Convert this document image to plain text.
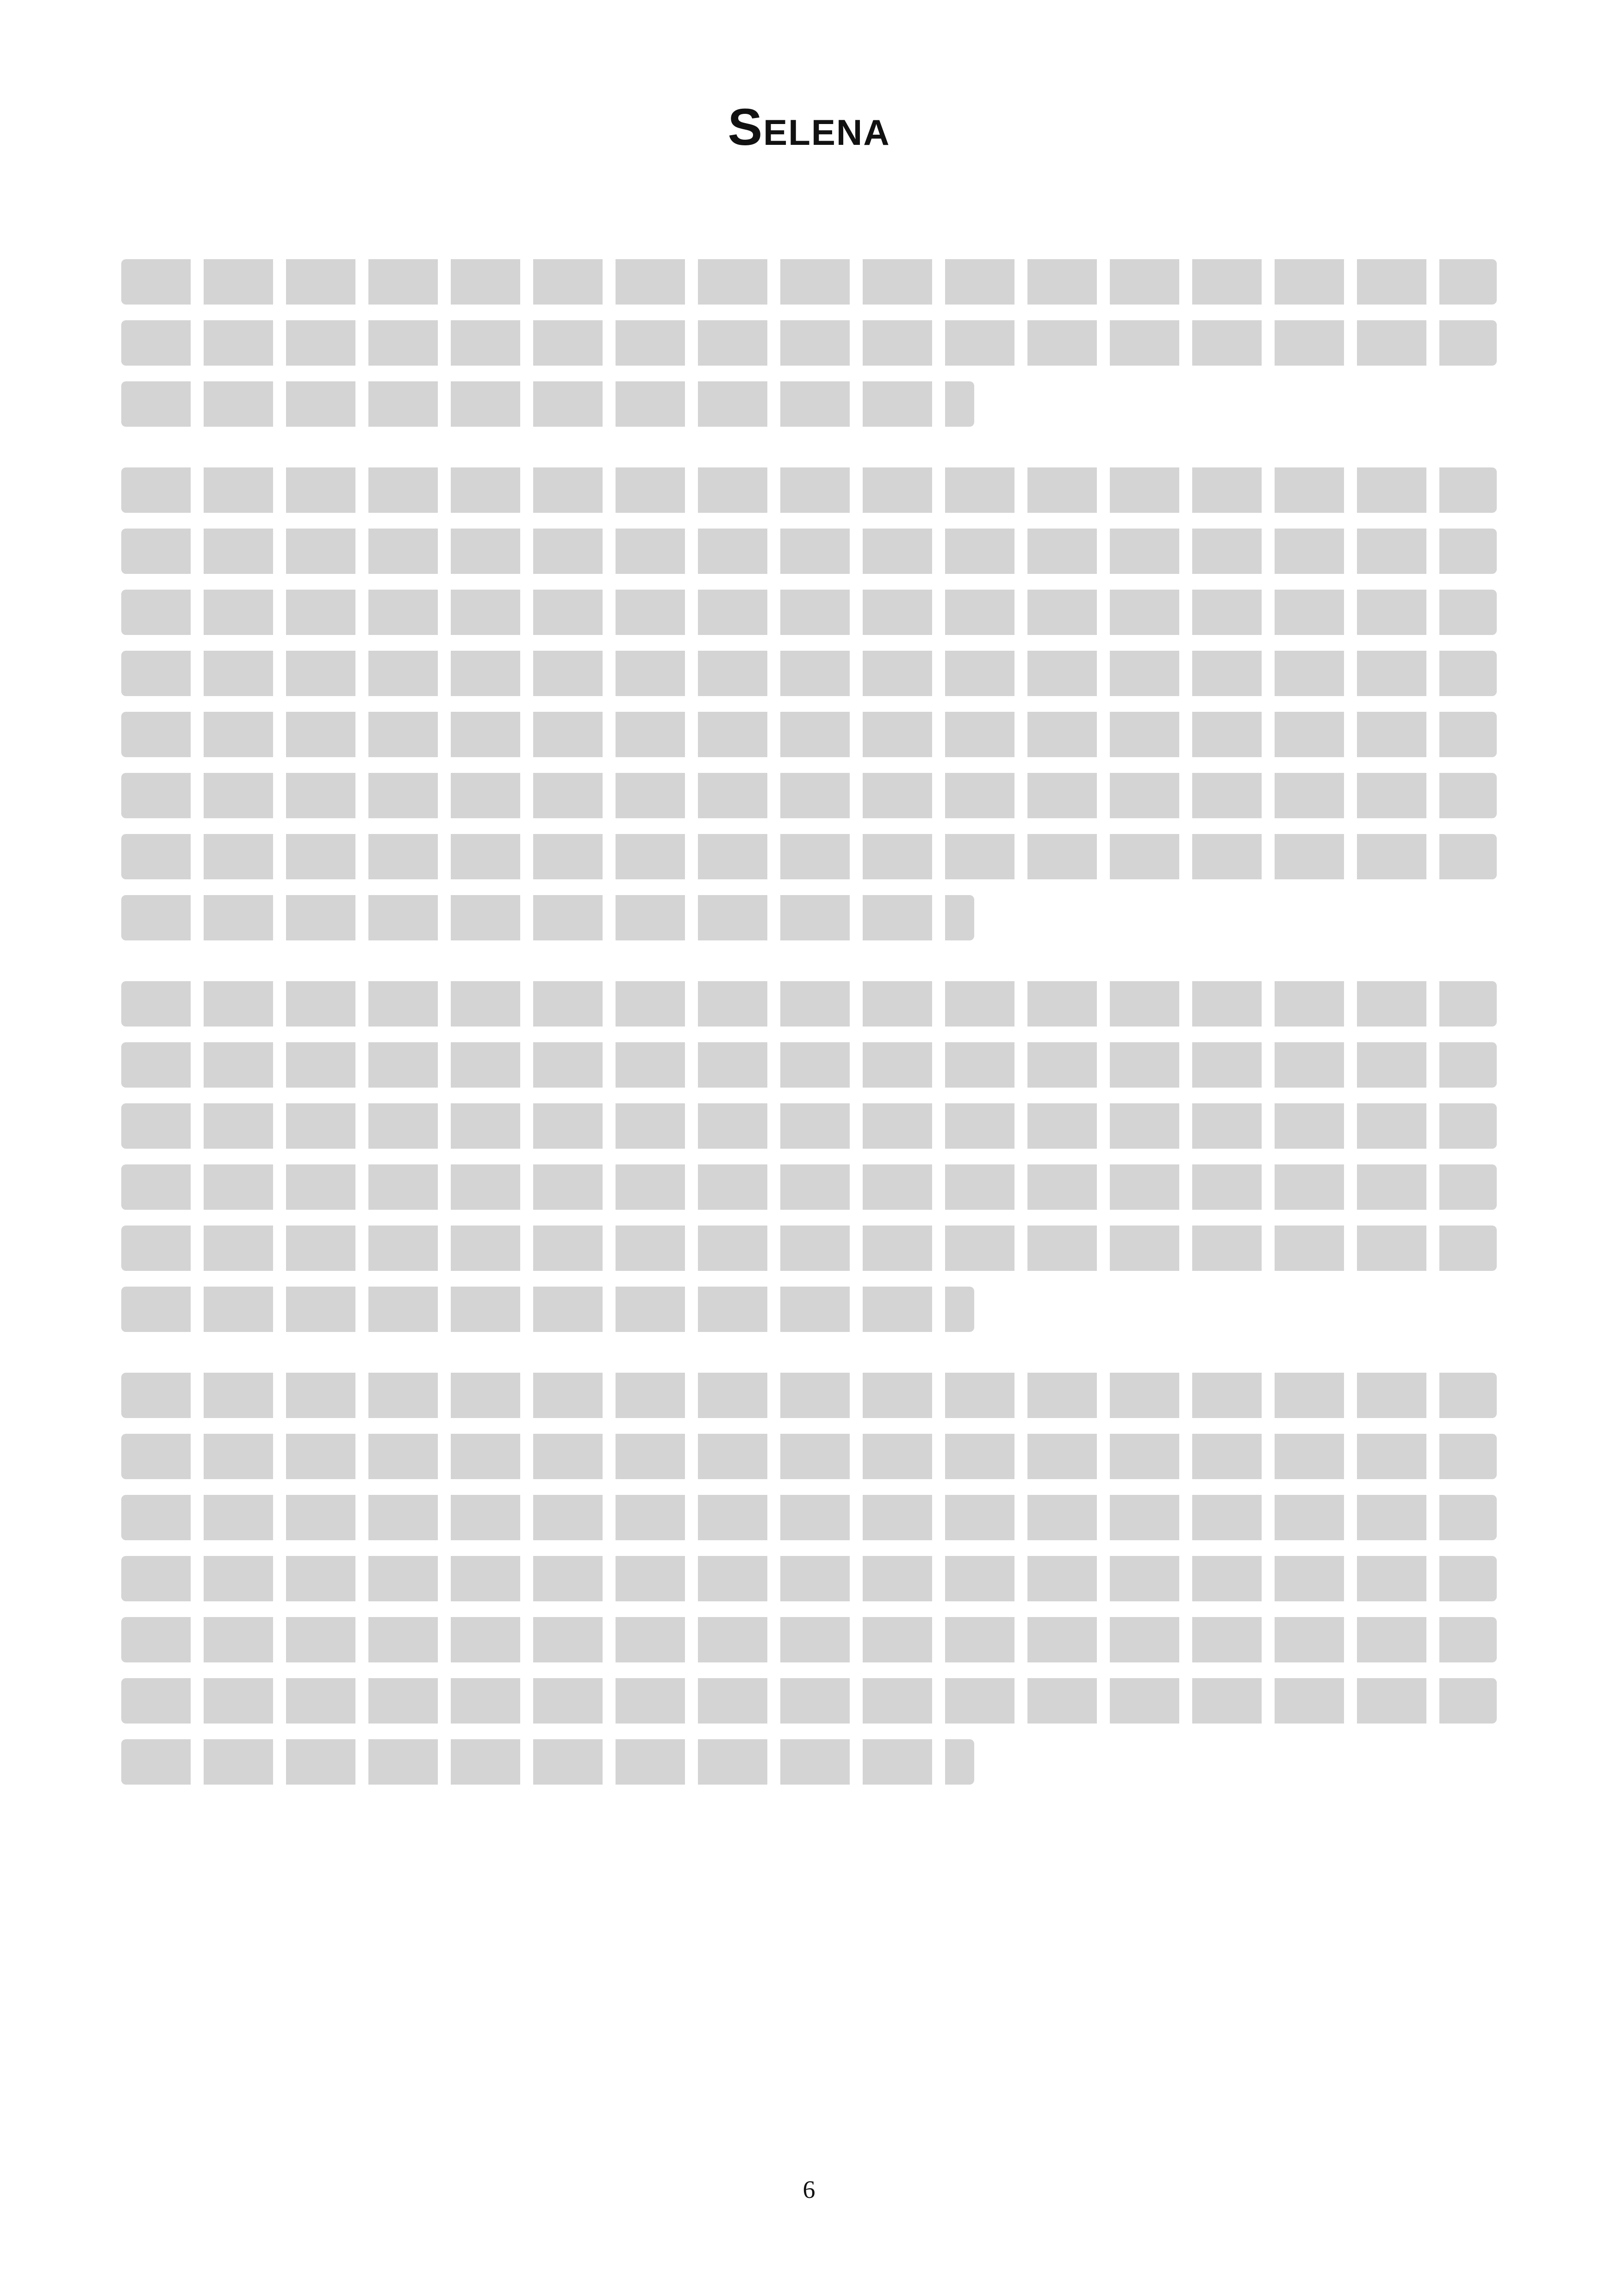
Selena
6
